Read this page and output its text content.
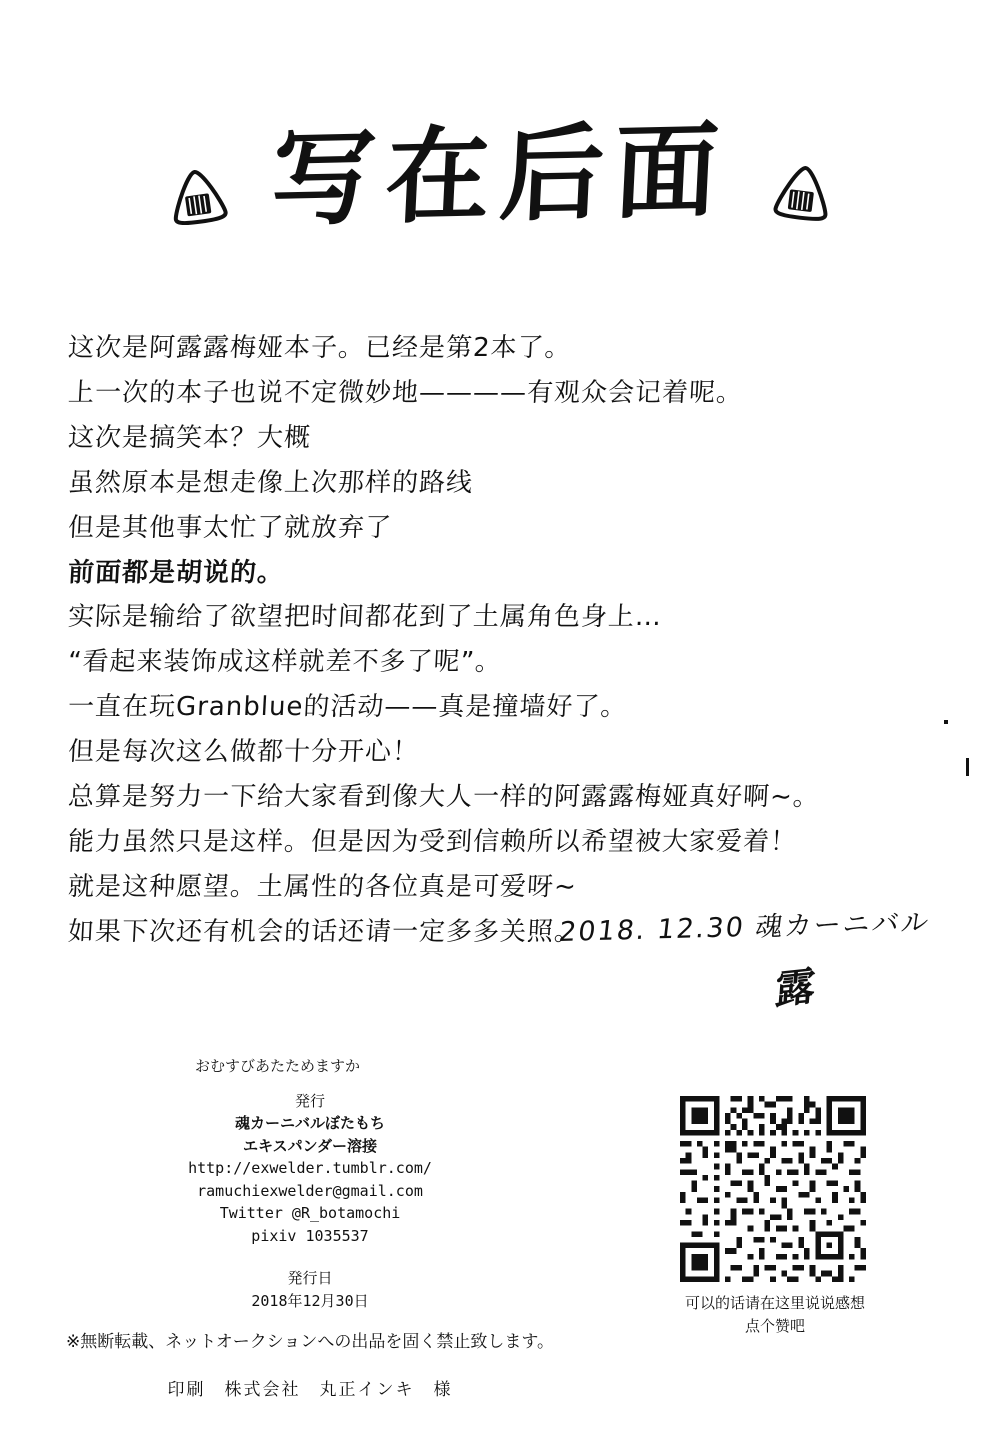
写在后面

这次是阿露露梅娅本子。已经是第2本了。

上一次的本子也说不定微妙地————有观众会记着呢。

这次是搞笑本？大概

虽然原本是想走像上次那样的路线

但是其他事太忙了就放弃了

前面都是胡说的。

实际是输给了欲望把时间都花到了土属角色身上…

“看起来装饰成这样就差不多了呢”。

一直在玩Granblue的活动——真是撞墙好了。

但是每次这么做都十分开心！

总算是努力一下给大家看到像大人一样的阿露露梅娅真好啊~。

能力虽然只是这样。但是因为受到信赖所以希望被大家爱着！

就是这种愿望。土属性的各位真是可爱呀~

如果下次还有机会的话还请一定多多关照。

2018. 12.30 魂カーニバル
露
おむすびあたためますか
発行
魂カーニバルぼたもち
エキスパンダー溶接
http://exwelder.tumblr.com/
ramuchiexwelder@gmail.com
Twitter @R_botamochi
pixiv 1035537
発行日
2018年12月30日
※無断転載、ネットオークションへの出品を固く禁止致します。
印刷　株式会社　丸正インキ　様
可以的话请在这里说说感想
点个赞吧
